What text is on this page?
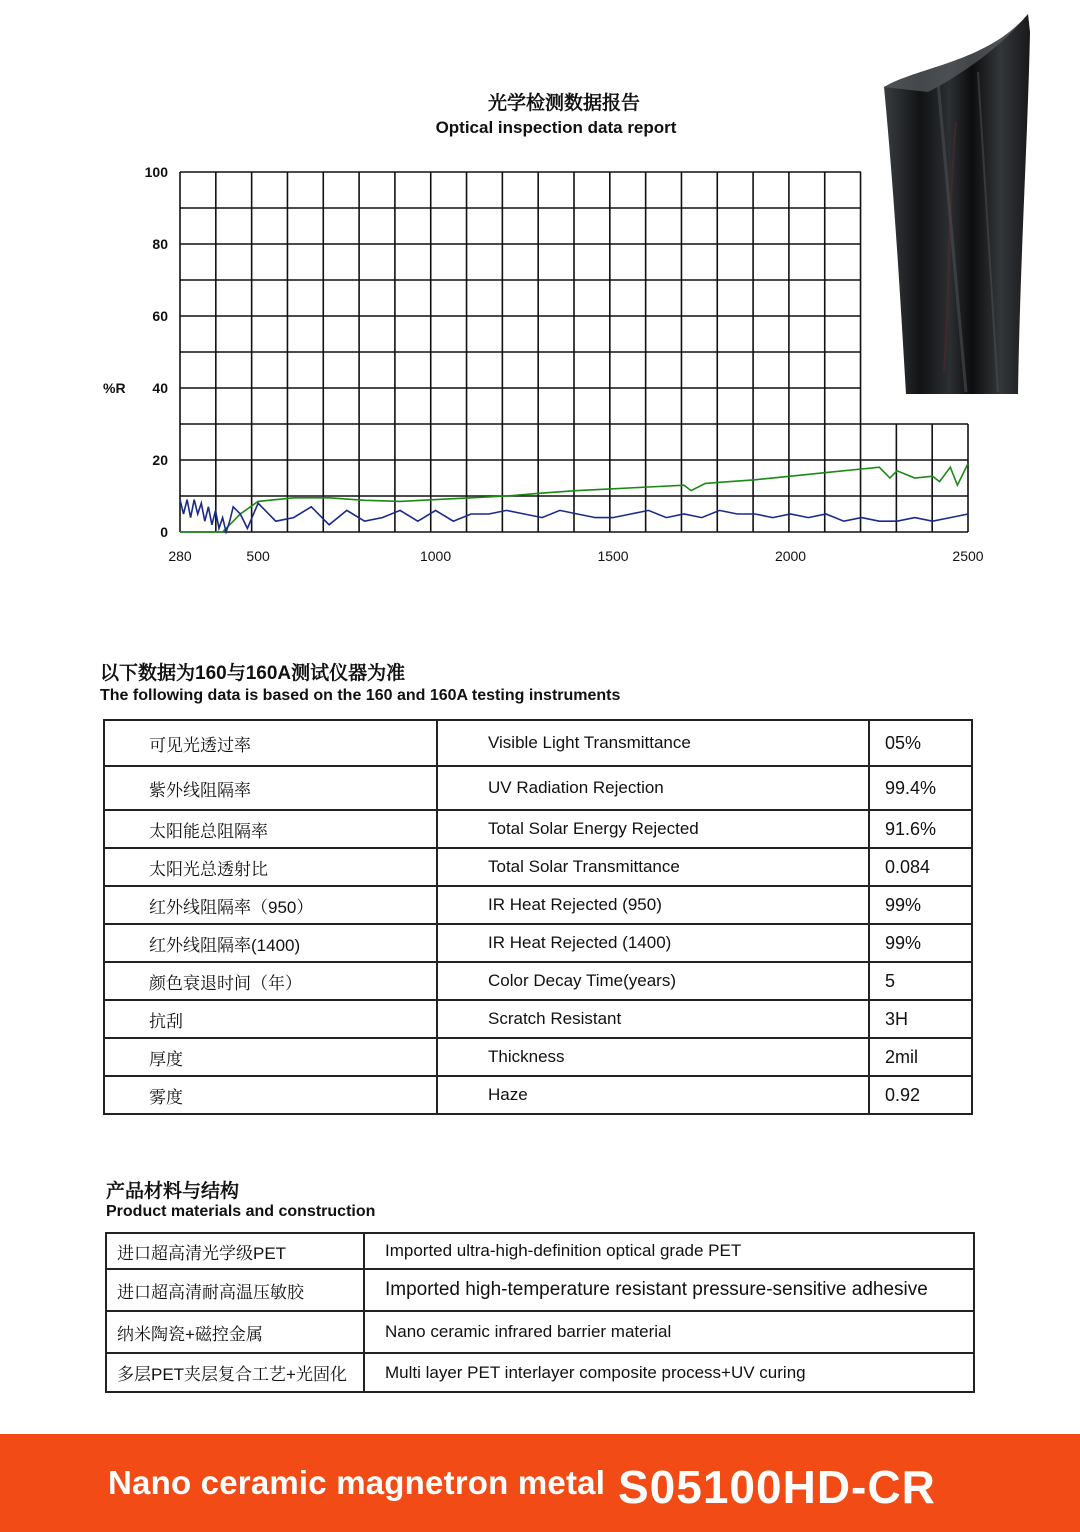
光学检测数据报告
Optical inspection data report
0
20
40
60
80
100
%R
280	500	1000	1500	2000	2500
以下数据为160与160A测试仪器为准
The following data is based on the 160 and 160A testing instruments
可见光透过率	Visible Light Transmittance	05%
紫外线阻隔率	UV Radiation Rejection	99.4%
太阳能总阻隔率	Total Solar Energy Rejected	91.6%
太阳光总透射比	Total Solar Transmittance	0.084
红外线阻隔率（950）	IR Heat Rejected (950)	99%
红外线阻隔率(1400)	IR Heat Rejected (1400)	99%
颜色衰退时间（年）	Color Decay Time(years)	5
抗刮	Scratch Resistant	3H
厚度	Thickness	2mil
雾度	Haze	0.92
产品材料与结构
Product materials and construction
进口超高清光学级PET	Imported ultra-high-definition optical grade PET
进口超高清耐高温压敏胶	Imported high-temperature resistant pressure-sensitive adhesive
纳米陶瓷+磁控金属	Nano ceramic infrared barrier material
多层PET夹层复合工艺+光固化	Multi layer PET interlayer composite process+UV curing
Nano ceramic magnetron metal S05100HD-CR
